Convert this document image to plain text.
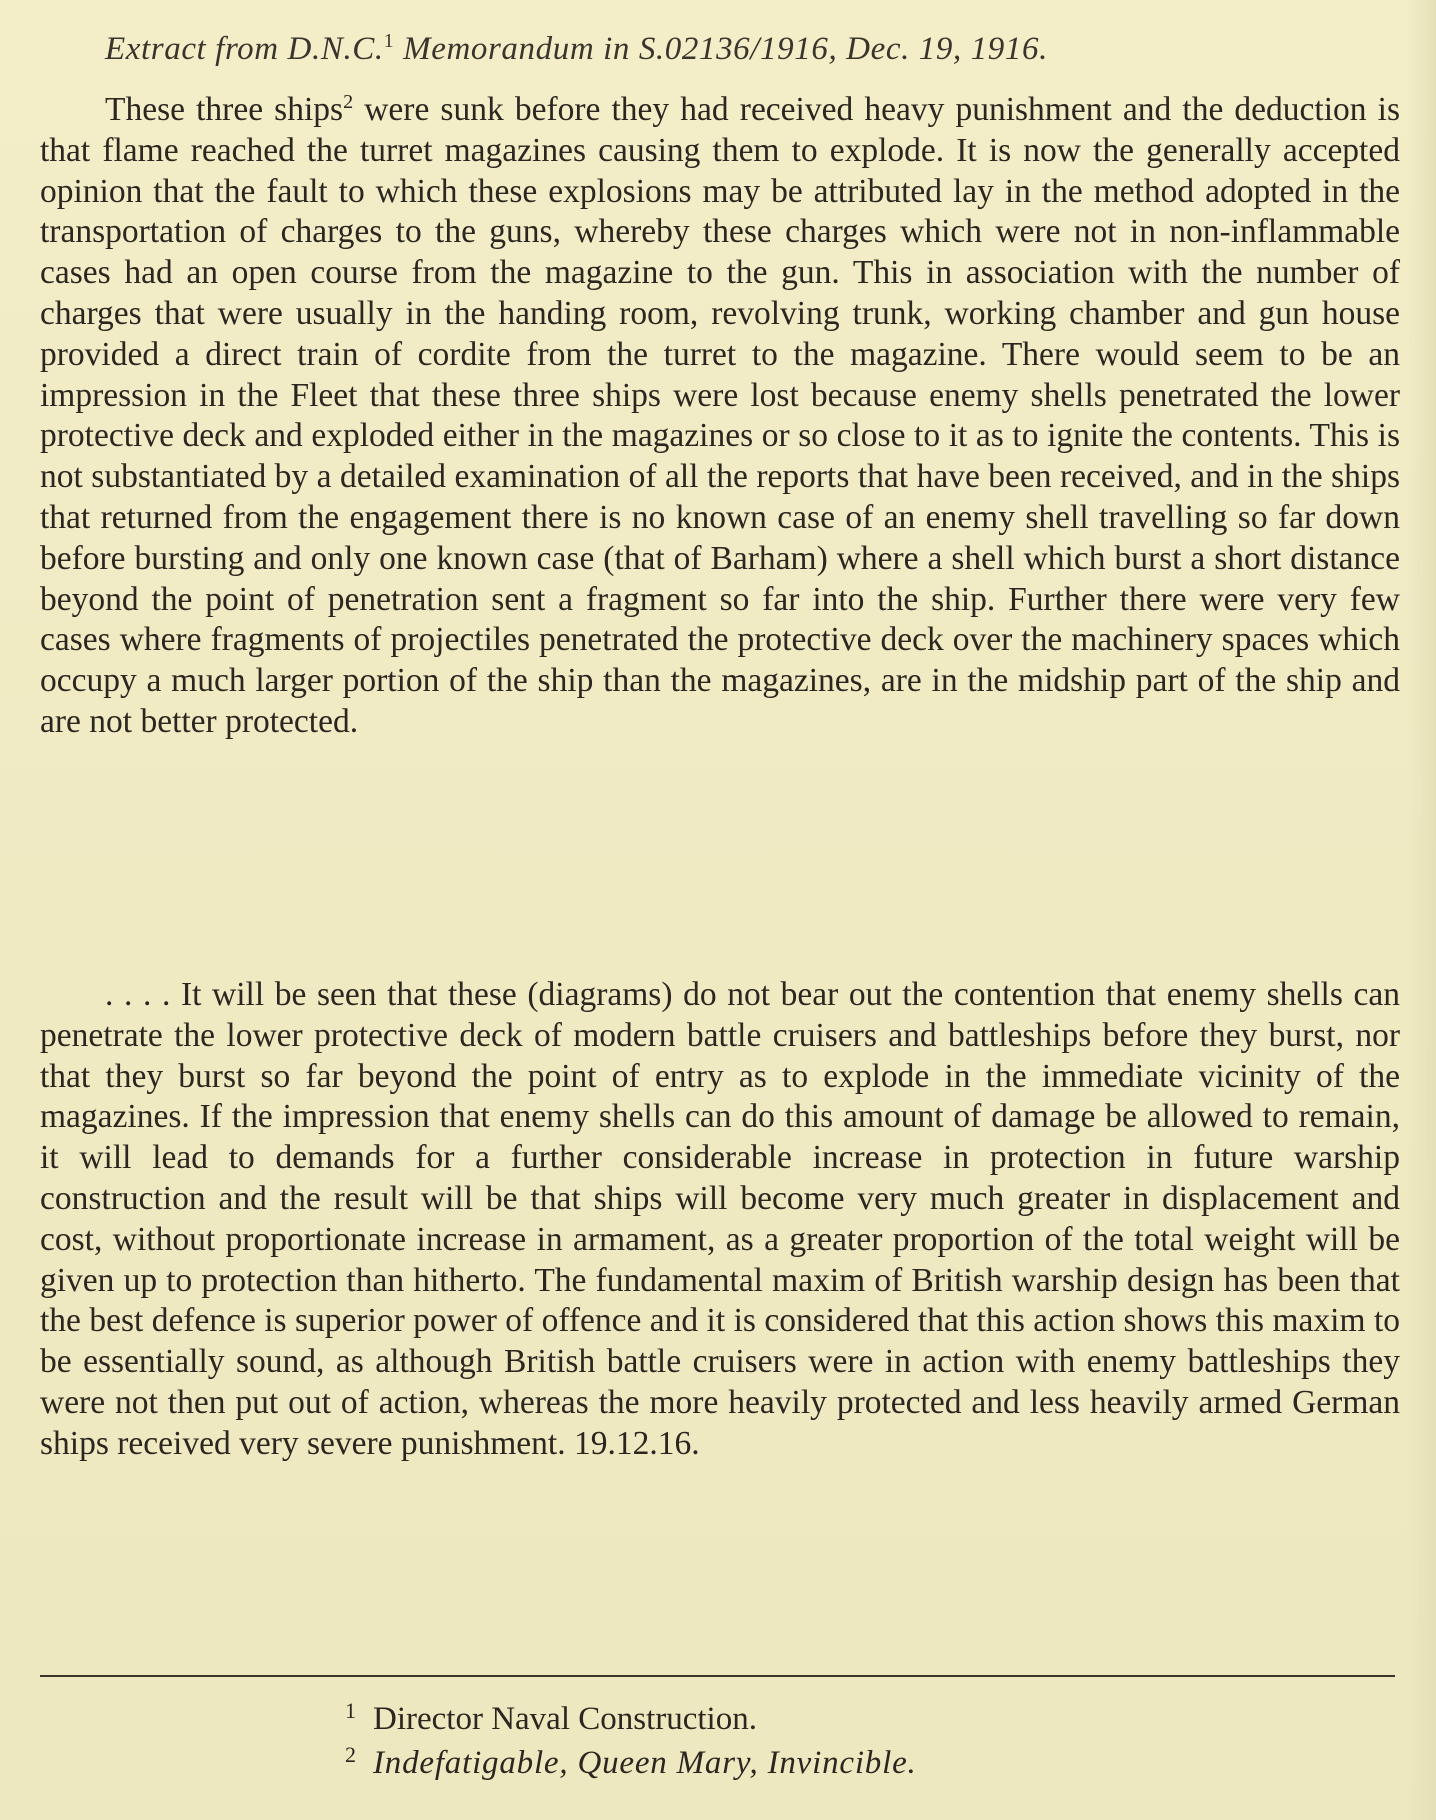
Extract from D.N.C.$^1$ Memorandum in S.02136/1916, Dec. 19, 1916.

These three ships$^2$ were sunk before they had received heavy punishment and the deduction is that flame reached the turret magazines causing them to explode. It is now the generally accepted opinion that the fault to which these explosions may be attributed lay in the method adopted in the transportation of charges to the guns, whereby these charges which were not in non-inflammable cases had an open course from the magazine to the gun. This in association with the number of charges that were usually in the handing room, revolving trunk, working chamber and gun house provided a direct train of cordite from the turret to the magazine. There would seem to be an impression in the Fleet that these three ships were lost because enemy shells penetrated the lower protective deck and exploded either in the magazines or so close to it as to ignite the contents. This is not substantiated by a detailed examination of all the reports that have been received, and in the ships that returned from the engagement there is no known case of an enemy shell travelling so far down before bursting and only one known case (that of Barham) where a shell which burst a short distance beyond the point of penetration sent a fragment so far into the ship. Further there were very few cases where fragments of projectiles penetrated the protective deck over the machinery spaces which occupy a much larger portion of the ship than the magazines, are in the midship part of the ship and are not better protected.

. . . . It will be seen that these (diagrams) do not bear out the contention that enemy shells can penetrate the lower protective deck of modern battle cruisers and battleships before they burst, nor that they burst so far beyond the point of entry as to explode in the immediate vicinity of the magazines. If the impression that enemy shells can do this amount of damage be allowed to remain, it will lead to demands for a further considerable increase in protection in future warship construction and the result will be that ships will become very much greater in displacement and cost, without proportionate increase in armament, as a greater proportion of the total weight will be given up to protection than hitherto. The fundamental maxim of British warship design has been that the best defence is superior power of offence and it is considered that this action shows this maxim to be essentially sound, as although British battle cruisers were in action with enemy battleships they were not then put out of action, whereas the more heavily protected and less heavily armed German ships received very severe punishment. 19.12.16.

1 Director Naval Construction.

2 Indefatigable, Queen Mary, Invincible.
